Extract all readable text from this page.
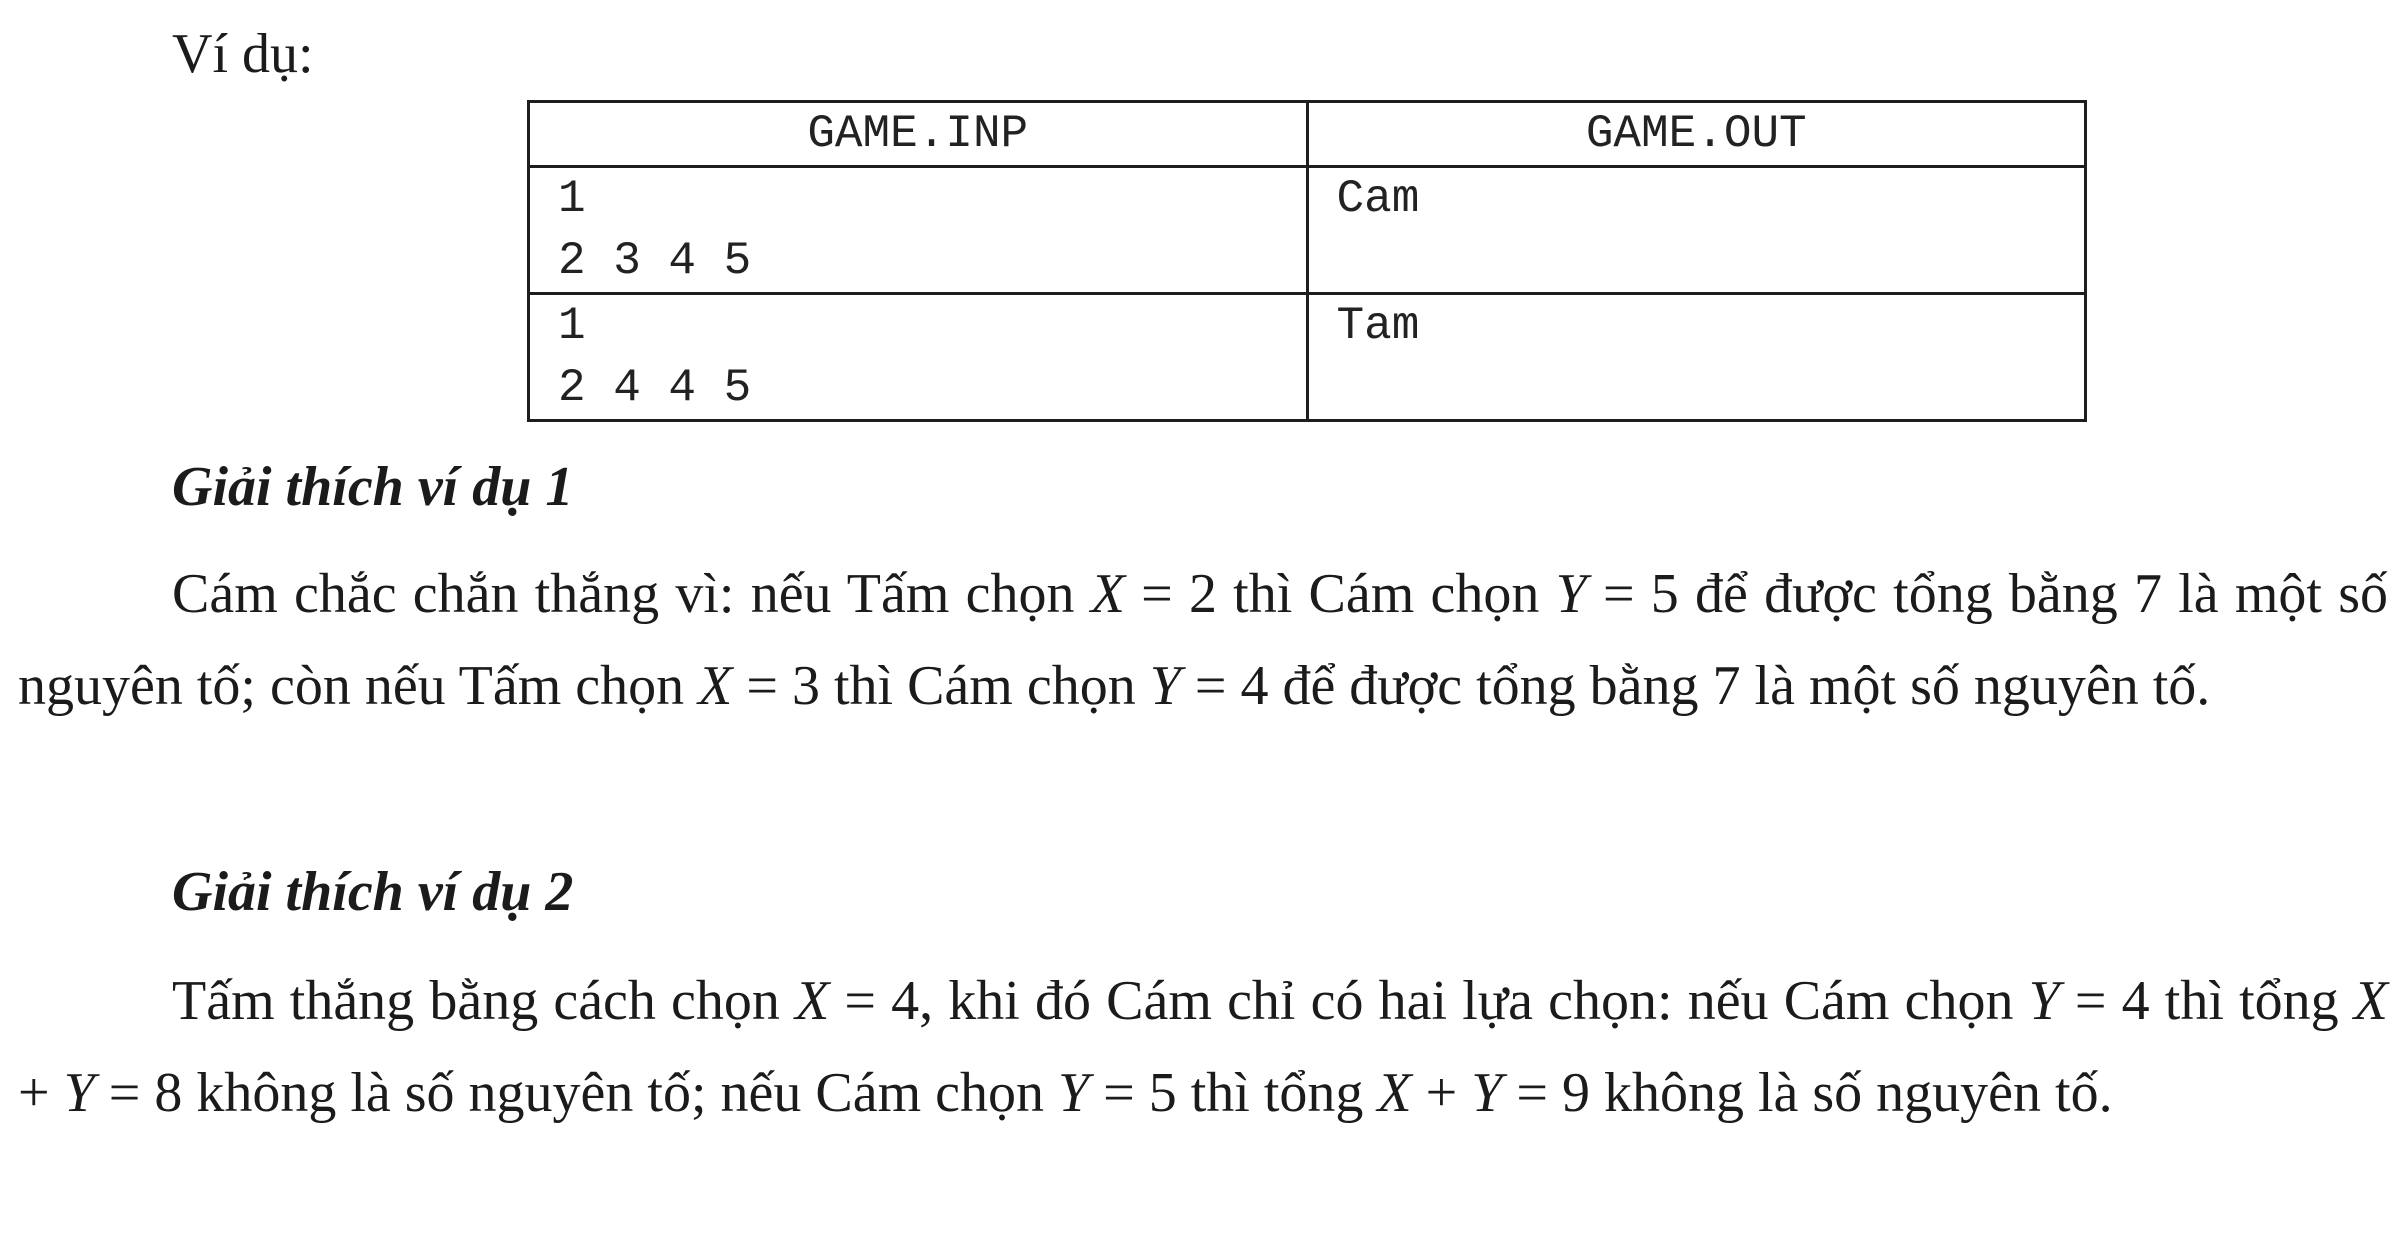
Ví dụ:
GAME.INP	GAME.OUT

1
2 3 4 5	Cam

1
2 4 4 5	Tam
Giải thích ví dụ 1
Cám chắc chắn thắng vì: nếu Tấm chọn X = 2 thì Cám chọn Y = 5 để được tổng bằng 7 là một số nguyên tố; còn nếu Tấm chọn X = 3 thì Cám chọn Y = 4 để được tổng bằng 7 là một số nguyên tố.
Giải thích ví dụ 2
Tấm thắng bằng cách chọn X = 4, khi đó Cám chỉ có hai lựa chọn: nếu Cám chọn Y = 4 thì tổng X + Y = 8 không là số nguyên tố; nếu Cám chọn Y = 5 thì tổng X + Y = 9 không là số nguyên tố.
